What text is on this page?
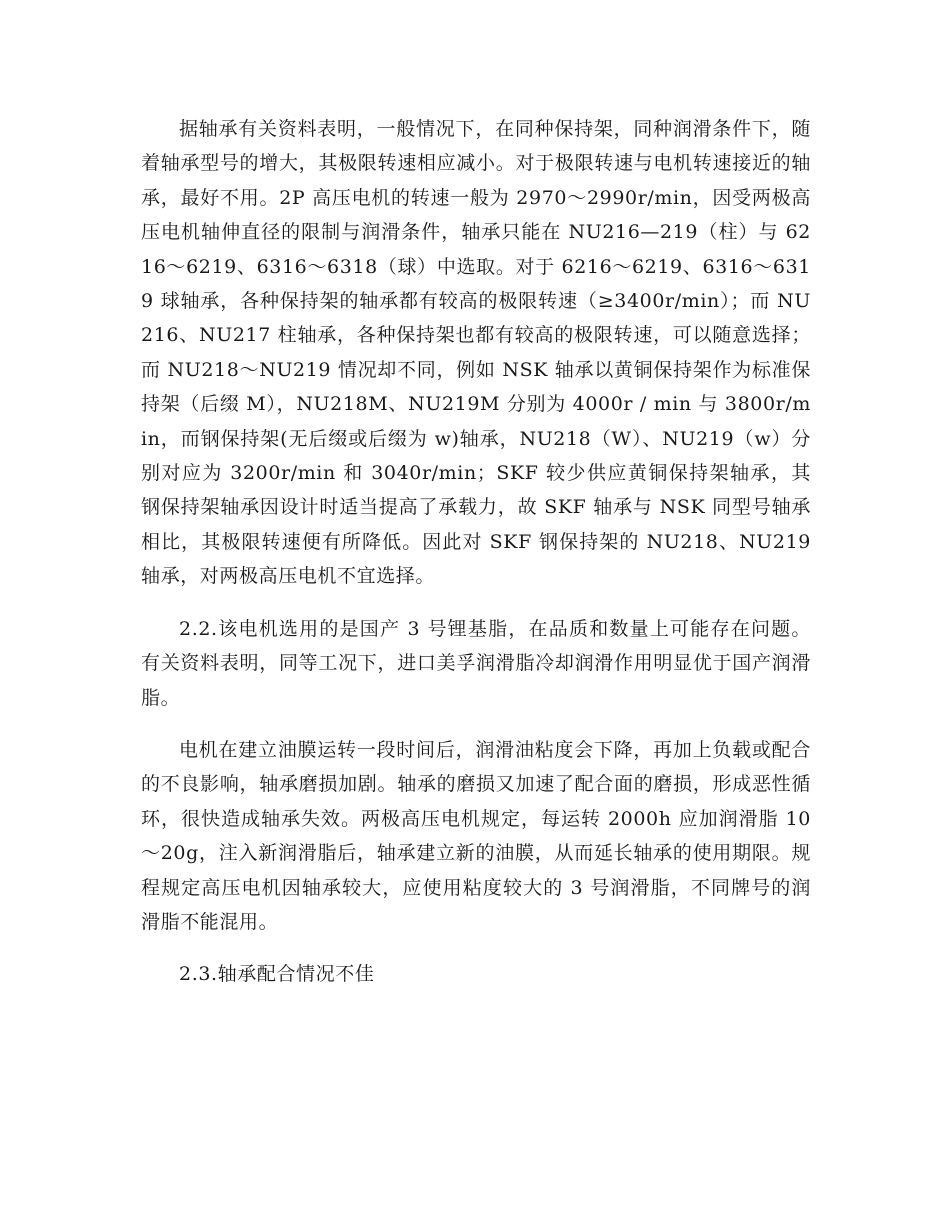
据轴承有关资料表明，一般情况下，在同种保持架，同种润滑条件下，随着轴承型号的增大，其极限转速相应减小。对于极限转速与电机转速接近的轴承，最好不用。2P 高压电机的转速一般为 2970～2990r/min，因受两极高压电机轴伸直径的限制与润滑条件，轴承只能在 NU216—219（柱）与 6216～6219、6316～6318（球）中选取。对于 6216～6219、6316～6319 球轴承，各种保持架的轴承都有较高的极限转速（≥3400r/min）；而 NU216、NU217 柱轴承，各种保持架也都有较高的极限转速，可以随意选择；而 NU218～NU219 情况却不同，例如 NSK 轴承以黄铜保持架作为标准保持架（后缀 M），NU218M、NU219M 分别为 4000r / min 与 3800r/min，而钢保持架(无后缀或后缀为 w)轴承，NU218（W）、NU219（w）分别对应为 3200r/min 和 3040r/min；SKF 较少供应黄铜保持架轴承，其钢保持架轴承因设计时适当提高了承载力，故 SKF 轴承与 NSK 同型号轴承相比，其极限转速便有所降低。因此对 SKF 钢保持架的 NU218、NU219 轴承，对两极高压电机不宜选择。

2.2.该电机选用的是国产 3 号锂基脂，在品质和数量上可能存在问题。有关资料表明，同等工况下，进口美孚润滑脂冷却润滑作用明显优于国产润滑脂。

电机在建立油膜运转一段时间后，润滑油粘度会下降，再加上负载或配合的不良影响，轴承磨损加剧。轴承的磨损又加速了配合面的磨损，形成恶性循环，很快造成轴承失效。两极高压电机规定，每运转 2000h 应加润滑脂 10～20g，注入新润滑脂后，轴承建立新的油膜，从而延长轴承的使用期限。规程规定高压电机因轴承较大，应使用粘度较大的 3 号润滑脂，不同牌号的润滑脂不能混用。

2.3.轴承配合情况不佳
